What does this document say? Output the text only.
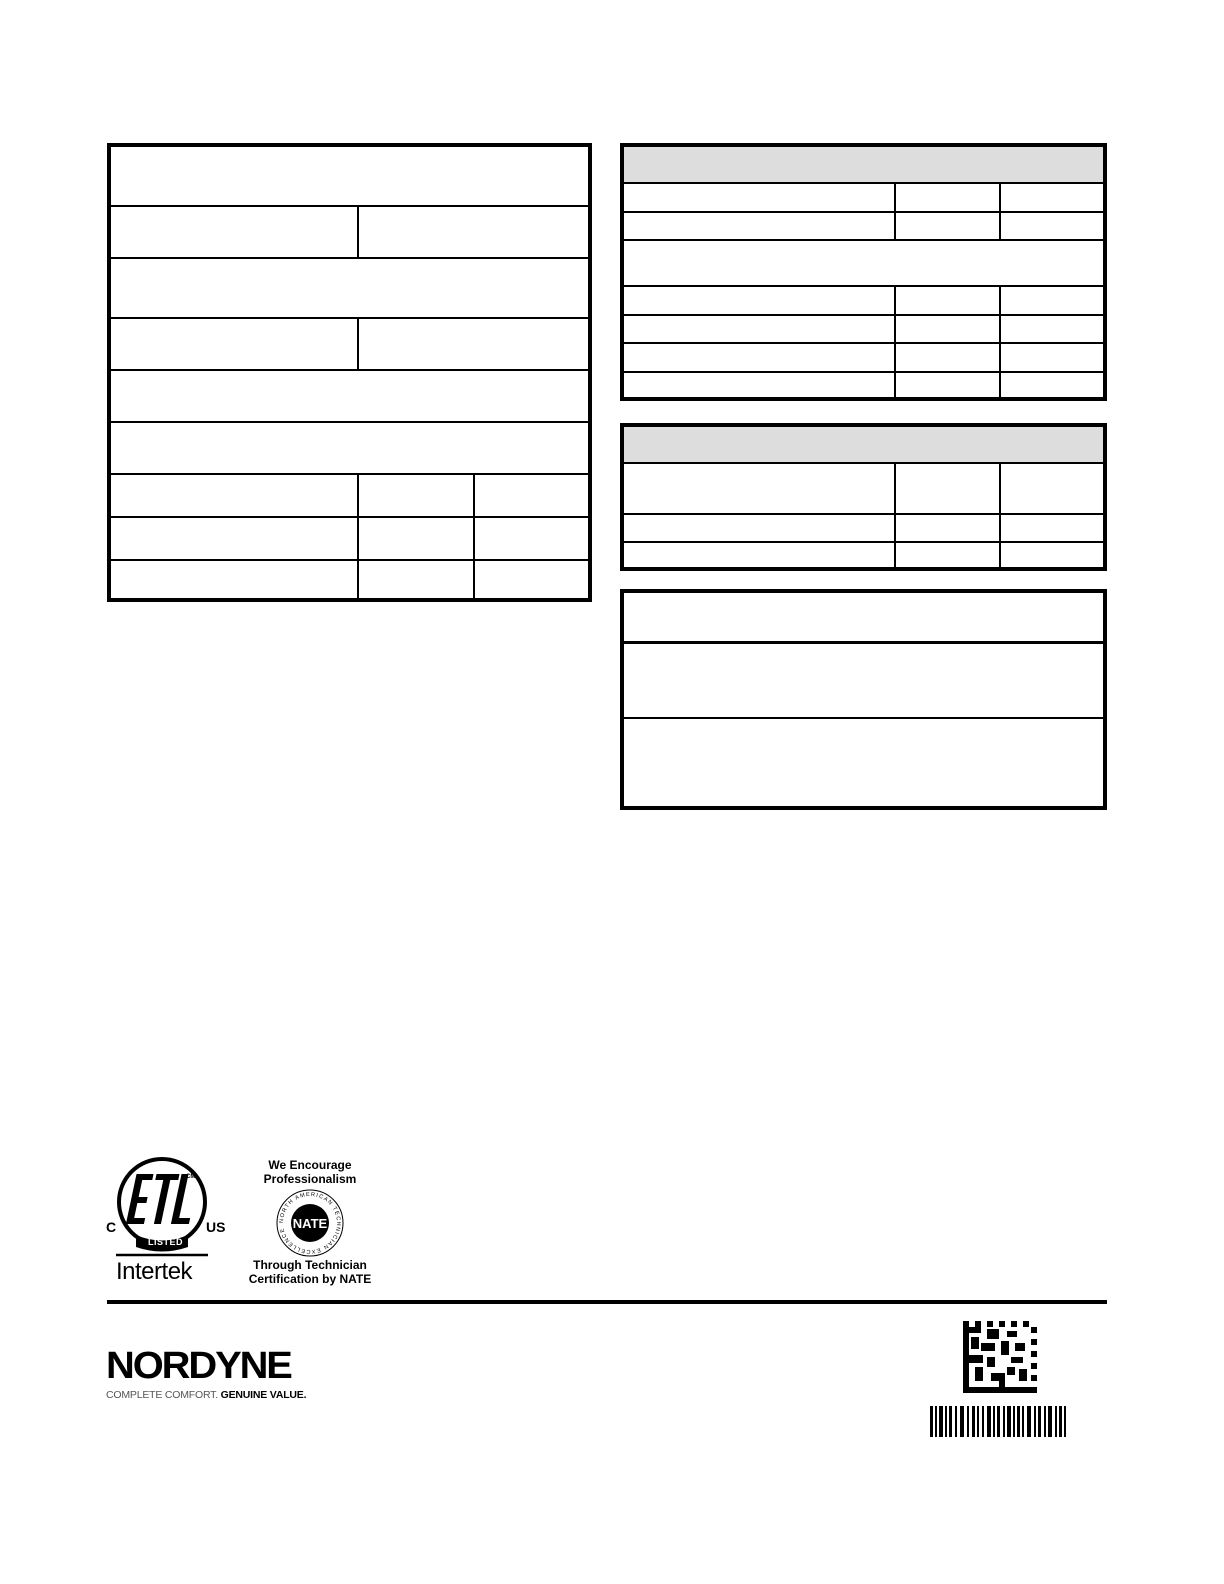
LISTED
CM
C	US
Intertek
We Encourage
Professionalism
NORTH AMERICAN TECHNICIAN EXCELLENCE NATE
Through Technician
Certification by NATE
NORDYNE
COMPLETE COMFORT. GENUINE VALUE.
